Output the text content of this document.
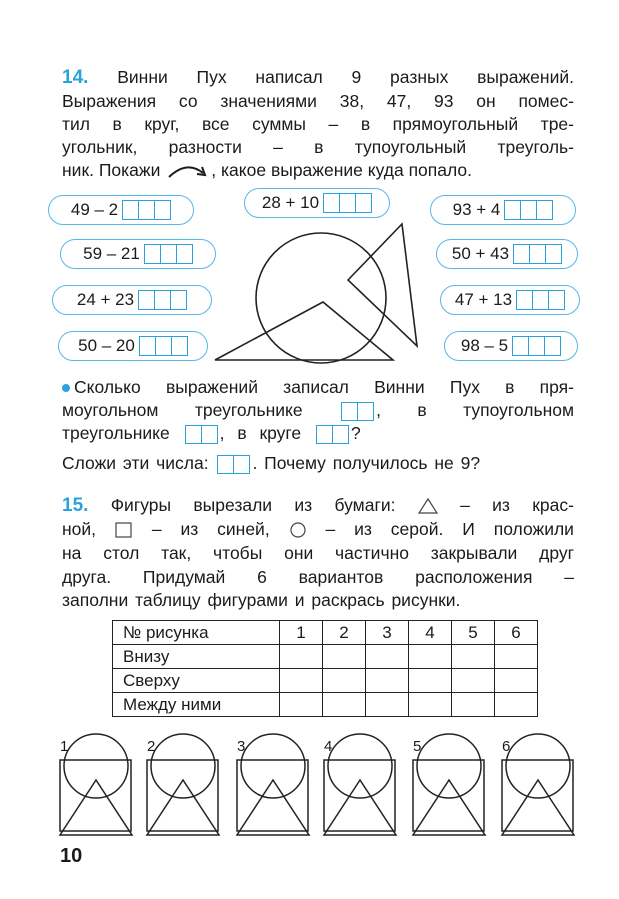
14. Винни Пух написал 9 разных выражений.
Выражения со значениями 38, 47, 93 он помес-
тил в круг, все суммы – в прямоугольный тре-
угольник, разности – в тупоугольный треуголь-
ник. Покажи	, какое выражение куда попало.
49 – 2
59 – 21
24 + 23
50 – 20
28 + 10	93 + 4
50 + 43
47 + 13
98 – 5
Сколько выражений записал Винни Пух в пря-
моугольном треугольнике	, в тупоугольном
треугольнике	, в круге	?
Сложи эти числа:	. Почему получилось не 9?
15. Фигуры вырезали из бумаги:	– из крас-
ной,	– из синей,	– из серой. И положили
на стол так, чтобы они частично закрывали друг
друга. Придумай 6 вариантов расположения –
заполни таблицу фигурами и раскрась рисунки.
№ рисунка	1	2	3	4	5	6
Внизу						
Сверху						
Между ними						
1	2	3	4	5	6
10
